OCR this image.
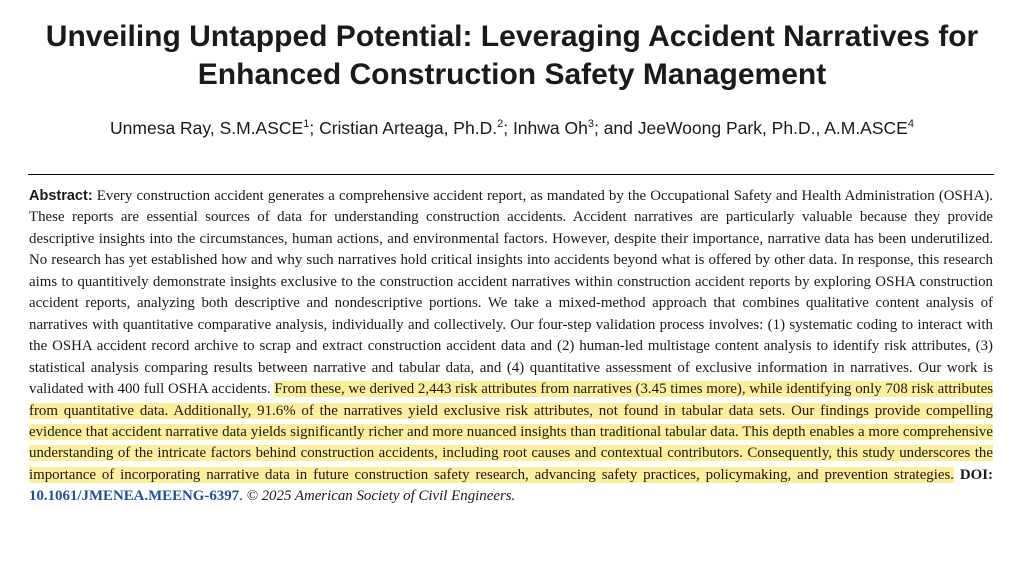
Unveiling Untapped Potential: Leveraging Accident Narratives for Enhanced Construction Safety Management

Unmesa Ray, S.M.ASCE$^1$; Cristian Arteaga, Ph.D.$^2$; Inhwa Oh$^3$; and JeeWoong Park, Ph.D., A.M.ASCE$^4$

Abstract: Every construction accident generates a comprehensive accident report, as mandated by the Occupational Safety and Health Administration (OSHA). These reports are essential sources of data for understanding construction accidents. Accident narratives are particularly valuable because they provide descriptive insights into the circumstances, human actions, and environmental factors. However, despite their importance, narrative data has been underutilized. No research has yet established how and why such narratives hold critical insights into accidents beyond what is offered by other data. In response, this research aims to quantitively demonstrate insights exclusive to the construction accident narratives within construction accident reports by exploring OSHA construction accident reports, analyzing both descriptive and nondescriptive portions. We take a mixed-method approach that combines qualitative content analysis of narratives with quantitative comparative analysis, individually and collectively. Our four-step validation process involves: (1) systematic coding to interact with the OSHA accident record archive to scrap and extract construction accident data and (2) human-led multistage content analysis to identify risk attributes, (3) statistical analysis comparing results between narrative and tabular data, and (4) quantitative assessment of exclusive information in narratives. Our work is validated with 400 full OSHA accidents. From these, we derived 2,443 risk attributes from narratives (3.45 times more), while identifying only 708 risk attributes from quantitative data. Additionally, 91.6% of the narratives yield exclusive risk attributes, not found in tabular data sets. Our findings provide compelling evidence that accident narrative data yields significantly richer and more nuanced insights than traditional tabular data. This depth enables a more comprehensive understanding of the intricate factors behind construction accidents, including root causes and contextual contributors. Consequently, this study underscores the importance of incorporating narrative data in future construction safety research, advancing safety practices, policymaking, and prevention strategies. DOI: 10.1061/JMENEA.MEENG-6397. © 2025 American Society of Civil Engineers.
